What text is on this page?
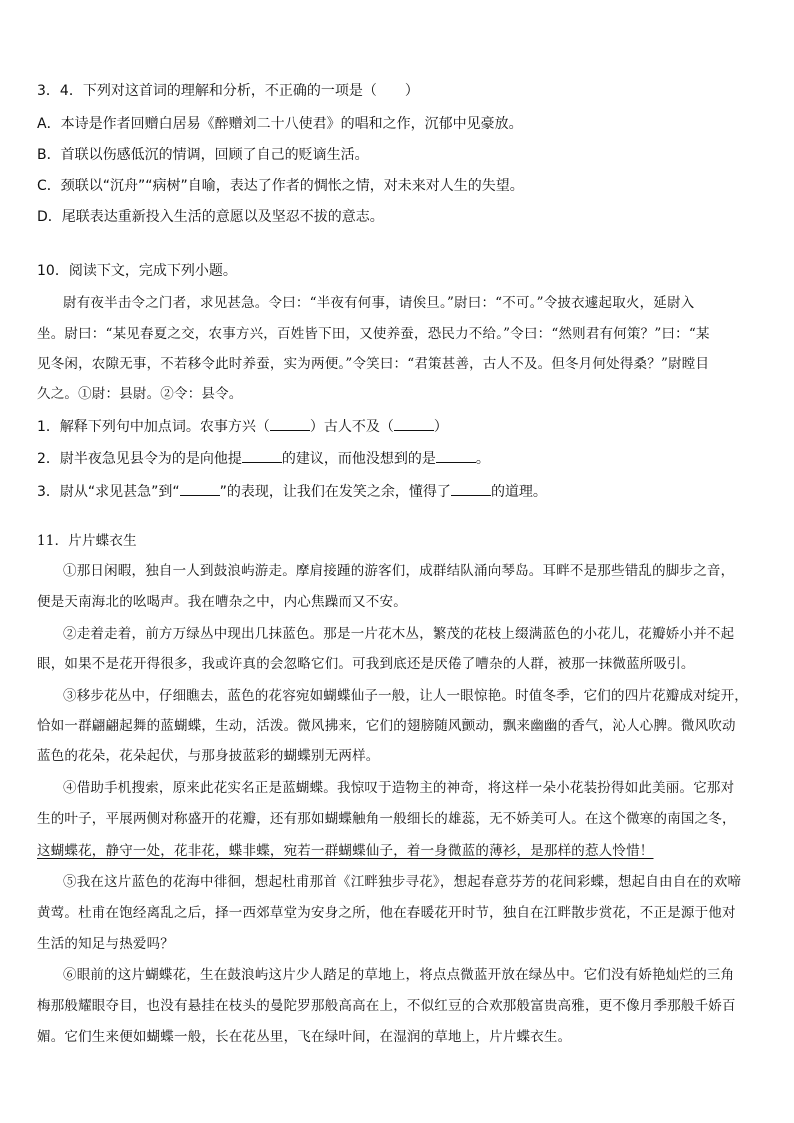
3．4．下列对这首词的理解和分析，不正确的一项是（　　）
A．本诗是作者回赠白居易《醉赠刘二十八使君》的唱和之作，沉郁中见豪放。
B．首联以伤感低沉的情调，回顾了自己的贬谪生活。
C．颈联以“沉舟”“病树”自喻，表达了作者的惆怅之情，对未来对人生的失望。
D．尾联表达重新投入生活的意愿以及坚忍不拔的意志。
10．阅读下文，完成下列小题。
尉有夜半击令之门者，求见甚急。令曰：“半夜有何事，请俟旦。”尉曰：“不可。”令披衣遽起取火，延尉入
坐。尉曰：“某见春夏之交，农事方兴，百姓皆下田，又使养蚕，恐民力不给。”令曰：“然则君有何策？”曰：“某
见冬闲，农隙无事，不若移令此时养蚕，实为两便。”令笑曰：“君策甚善，古人不及。但冬月何处得桑？”尉瞠目
久之。①尉：县尉。②令：县令。
1．解释下列句中加点词。农事方兴（	）古人不及（	）
2．尉半夜急见县令为的是向他提	的建议，而他没想到的是	。
3．尉从“求见甚急”到“	”的表现，让我们在发笑之余，懂得了	的道理。
11．片片蝶衣生
①那日闲暇，独自一人到鼓浪屿游走。摩肩接踵的游客们，成群结队涌向琴岛。耳畔不是那些错乱的脚步之音，
便是天南海北的吆喝声。我在嘈杂之中，内心焦躁而又不安。
②走着走着，前方万绿丛中现出几抹蓝色。那是一片花木丛，繁茂的花枝上缀满蓝色的小花儿，花瓣娇小并不起
眼，如果不是花开得很多，我或许真的会忽略它们。可我到底还是厌倦了嘈杂的人群，被那一抹微蓝所吸引。
③移步花丛中，仔细瞧去，蓝色的花容宛如蝴蝶仙子一般，让人一眼惊艳。时值冬季，它们的四片花瓣成对绽开，
恰如一群翩翩起舞的蓝蝴蝶，生动，活泼。微风拂来，它们的翅膀随风颤动，飘来幽幽的香气，沁人心脾。微风吹动
蓝色的花朵，花朵起伏，与那身披蓝彩的蝴蝶别无两样。
④借助手机搜索，原来此花实名正是蓝蝴蝶。我惊叹于造物主的神奇，将这样一朵小花装扮得如此美丽。它那对
生的叶子，平展两侧对称盛开的花瓣，还有那如蝴蝶触角一般细长的雄蕊，无不娇美可人。在这个微寒的南国之冬，
这蝴蝶花，静守一处，花非花，蝶非蝶，宛若一群蝴蝶仙子，着一身微蓝的薄衫，是那样的惹人怜惜！
⑤我在这片蓝色的花海中徘徊，想起杜甫那首《江畔独步寻花》，想起春意芬芳的花间彩蝶，想起自由自在的欢啼
黄莺。杜甫在饱经离乱之后，择一西郊草堂为安身之所，他在春暖花开时节，独自在江畔散步赏花，不正是源于他对
生活的知足与热爱吗？
⑥眼前的这片蝴蝶花，生在鼓浪屿这片少人踏足的草地上，将点点微蓝开放在绿丛中。它们没有娇艳灿烂的三角
梅那般耀眼夺目，也没有悬挂在枝头的曼陀罗那般高高在上，不似红豆的合欢那般富贵高雅，更不像月季那般千娇百
媚。它们生来便如蝴蝶一般，长在花丛里，飞在绿叶间，在湿润的草地上，片片蝶衣生。
